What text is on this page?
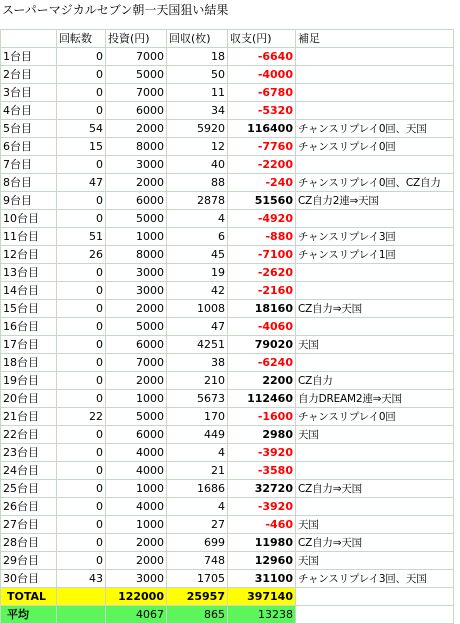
スーパーマジカルセブン朝一天国狙い結果
	回転数	投資(円)	回収(枚)	収支(円)	補足
1台目	0	7000	18	-6640	
2台目	0	5000	50	-4000	
3台目	0	7000	11	-6780	
4台目	0	6000	34	-5320	
5台目	54	2000	5920	116400	チャンスリプレイ0回、天国
6台目	15	8000	12	-7760	チャンスリプレイ0回
7台目	0	3000	40	-2200	
8台目	47	2000	88	-240	チャンスリプレイ0回、CZ自力
9台目	0	6000	2878	51560	CZ自力2連⇒天国
10台目	0	5000	4	-4920	
11台目	51	1000	6	-880	チャンスリプレイ3回
12台目	26	8000	45	-7100	チャンスリプレイ1回
13台目	0	3000	19	-2620	
14台目	0	3000	42	-2160	
15台目	0	2000	1008	18160	CZ自力⇒天国
16台目	0	5000	47	-4060	
17台目	0	6000	4251	79020	天国
18台目	0	7000	38	-6240	
19台目	0	2000	210	2200	CZ自力
20台目	0	1000	5673	112460	自力DREAM2連⇒天国
21台目	22	5000	170	-1600	チャンスリプレイ0回
22台目	0	6000	449	2980	天国
23台目	0	4000	4	-3920	
24台目	0	4000	21	-3580	
25台目	0	1000	1686	32720	CZ自力⇒天国
26台目	0	4000	4	-3920	
27台目	0	1000	27	-460	天国
28台目	0	2000	699	11980	CZ自力⇒天国
29台目	0	2000	748	12960	天国
30台目	43	3000	1705	31100	チャンスリプレイ3回、天国
TOTAL		122000	25957	397140	
平均		4067	865	13238	
